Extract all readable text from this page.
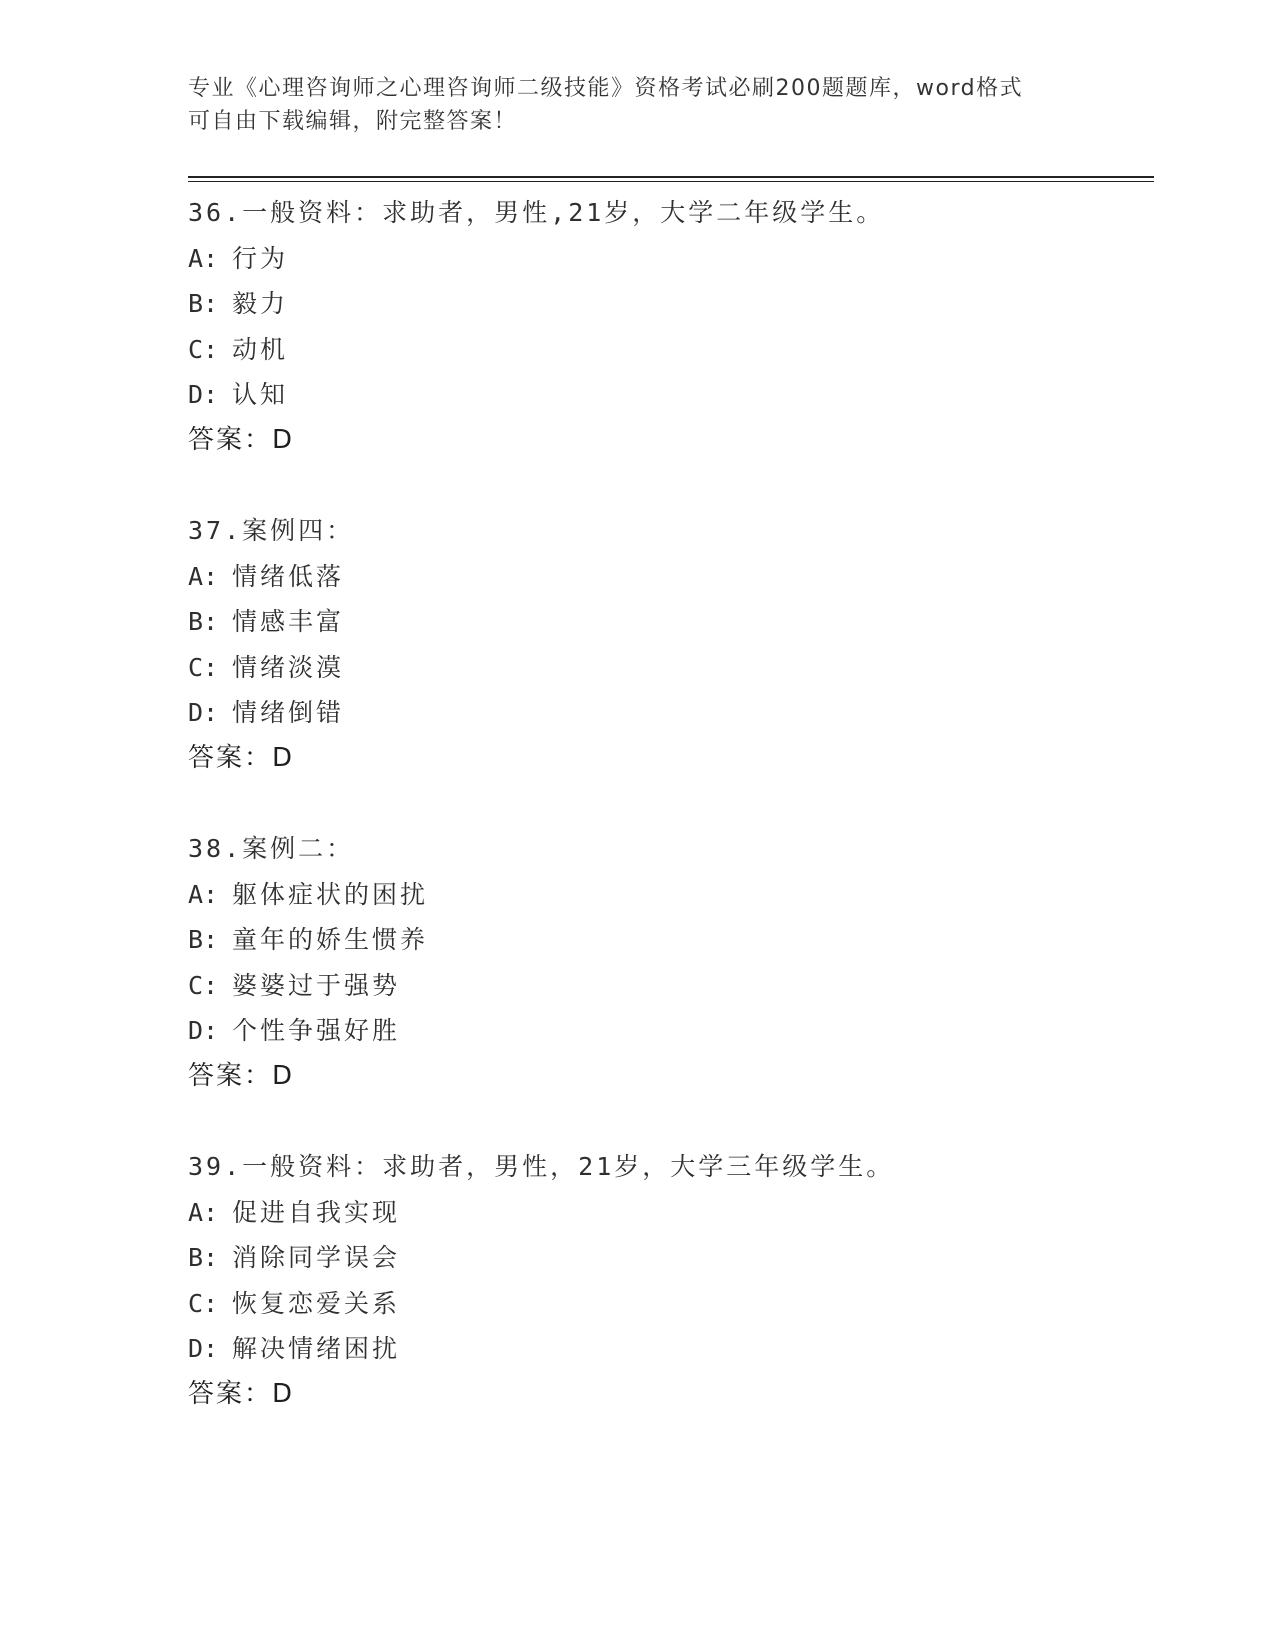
专业《心理咨询师之心理咨询师二级技能》资格考试必刷200题题库，word格式

可自由下载编辑，附完整答案！

36.一般资料：求助者，男性,21岁，大学二年级学生。
A: 行为
B: 毅力
C: 动机
D: 认知
答案：D
37.案例四：
A: 情绪低落
B: 情感丰富
C: 情绪淡漠
D: 情绪倒错
答案：D
38.案例二：
A: 躯体症状的困扰
B: 童年的娇生惯养
C: 婆婆过于强势
D: 个性争强好胜
答案：D
39.一般资料：求助者，男性，21岁，大学三年级学生。
A: 促进自我实现
B: 消除同学误会
C: 恢复恋爱关系
D: 解决情绪困扰
答案：D
